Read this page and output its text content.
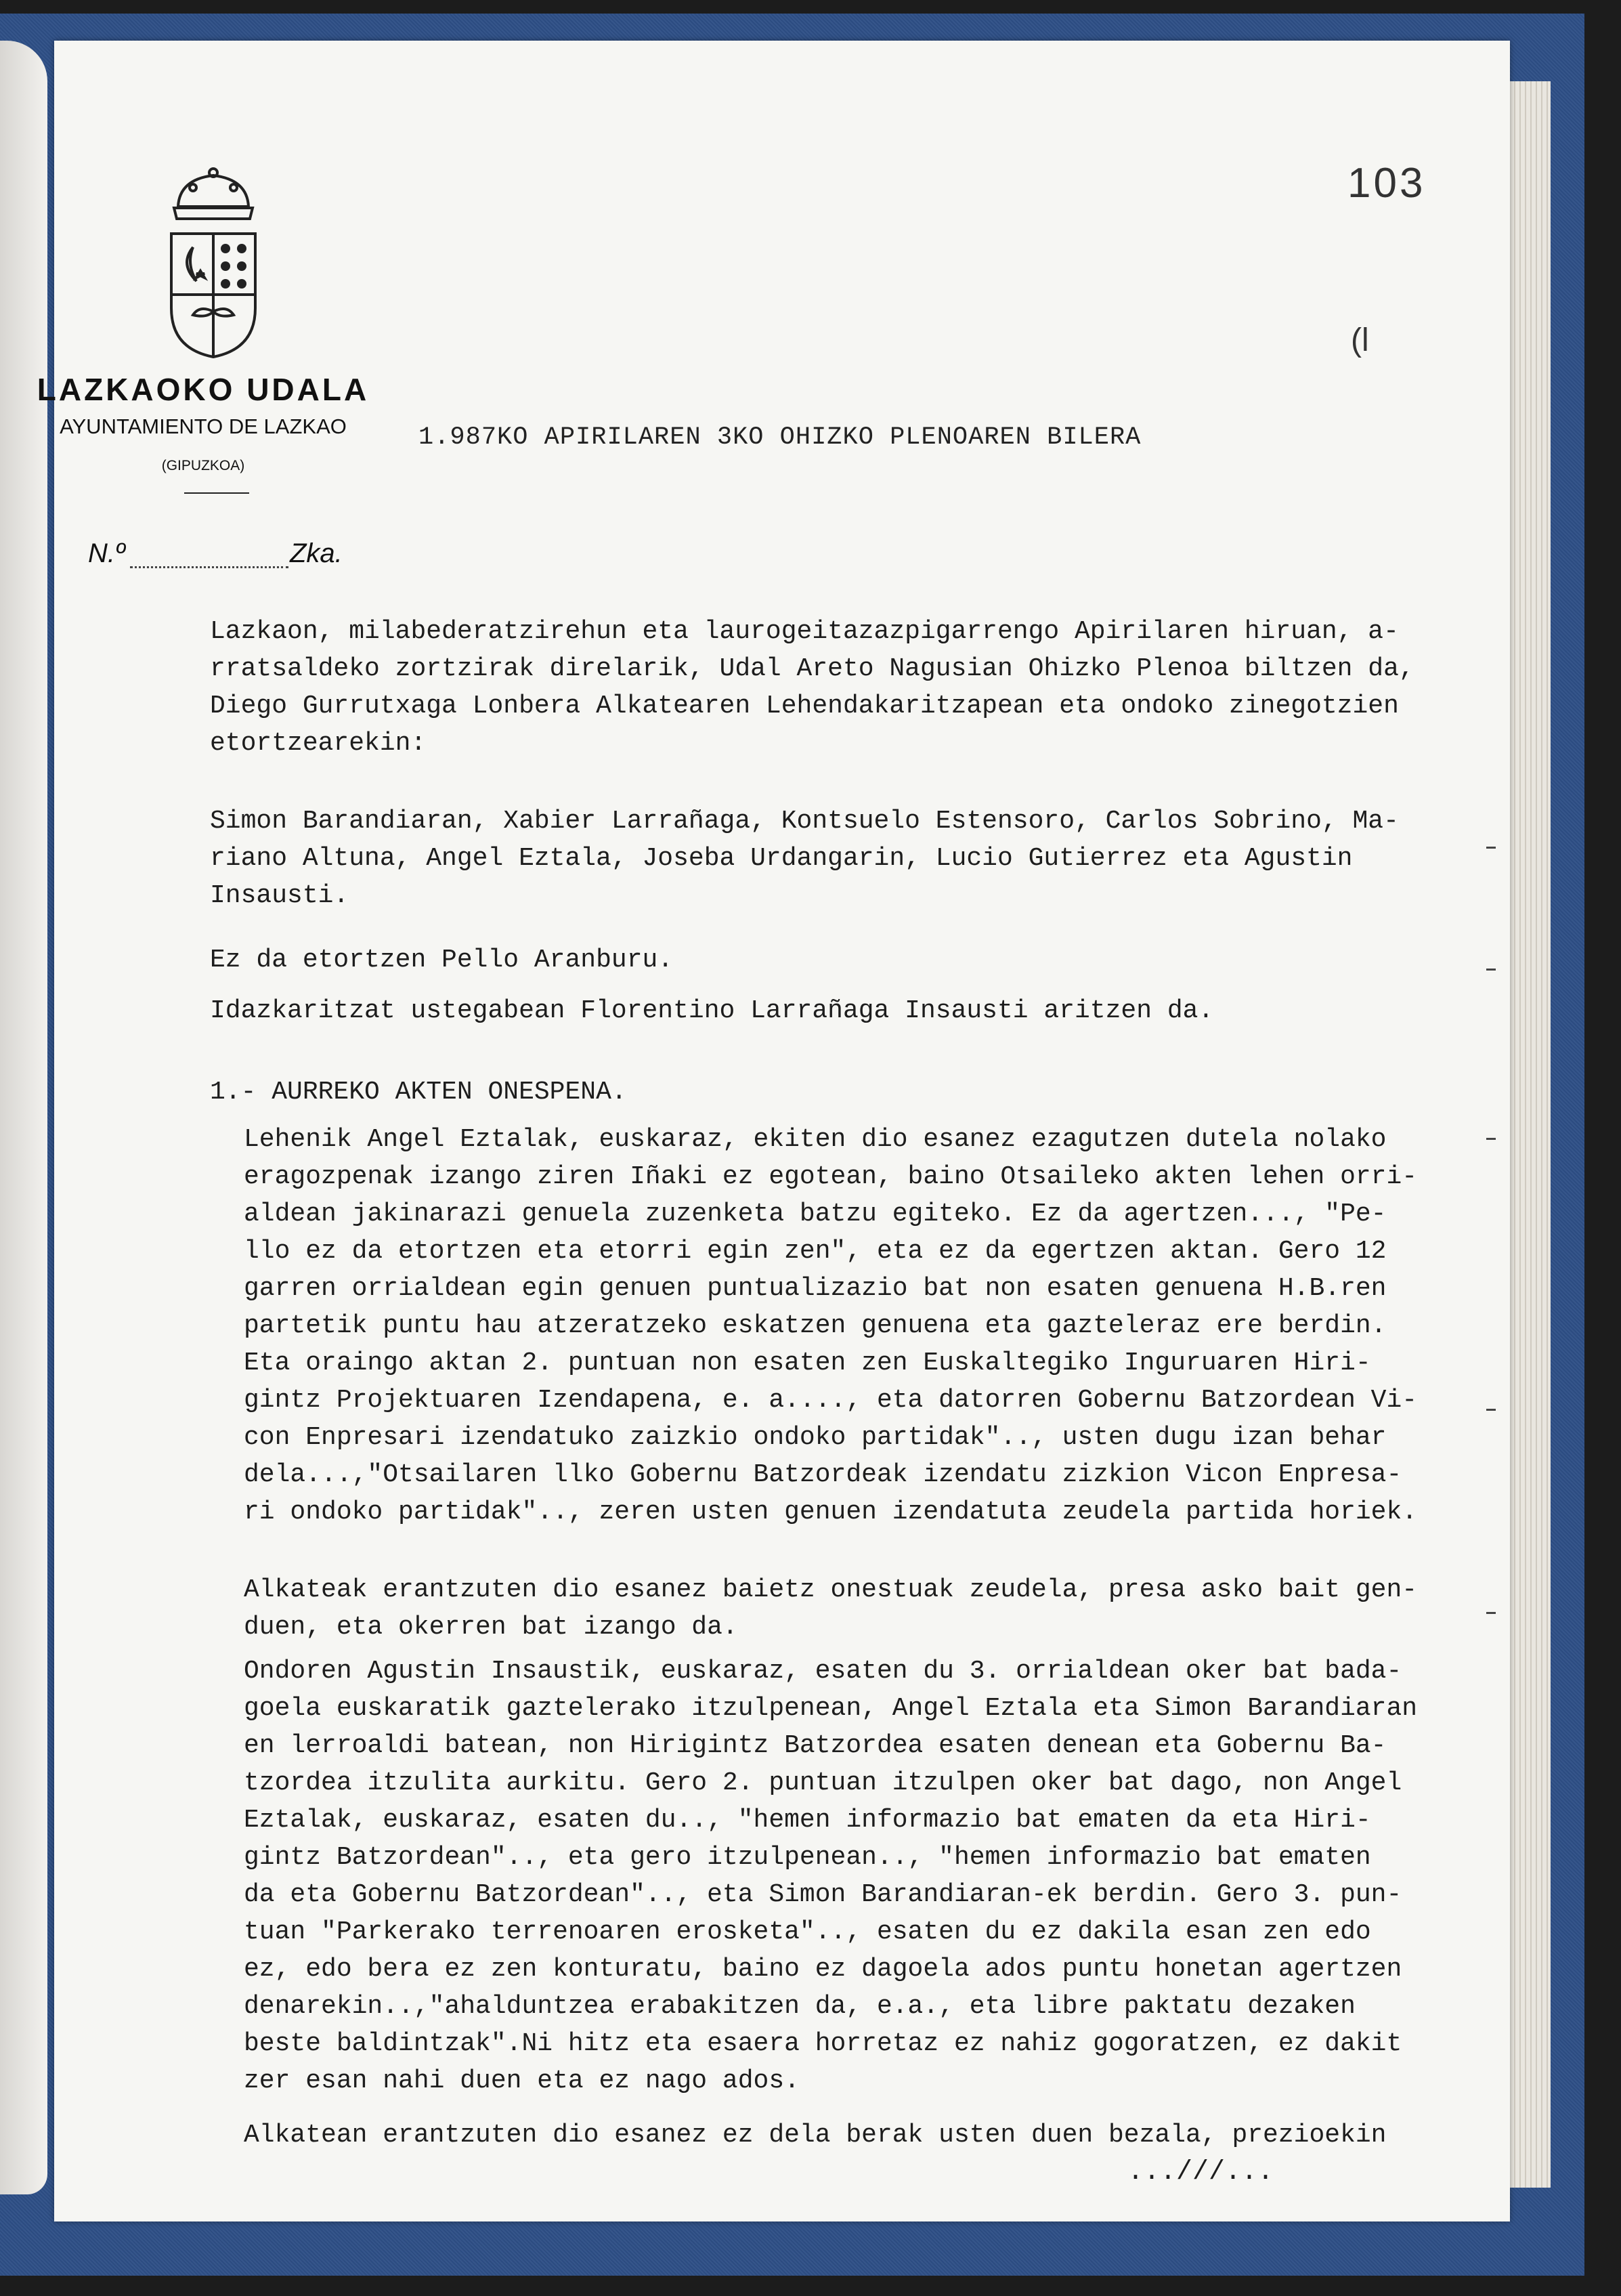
LAZKAOKO UDALA
AYUNTAMIENTO DE LAZKAO
(GIPUZKOA)
N.º	Zka.
103
(l
1.987KO APIRILAREN 3KO OHIZKO PLENOAREN BILERA
Lazkaon, milabederatzirehun eta laurogeitazazpigarrengo Apirilaren hiruan, a-
rratsaldeko zortzirak direlarik, Udal Areto Nagusian Ohizko Plenoa biltzen da,
Diego Gurrutxaga Lonbera Alkatearen Lehendakaritzapean eta ondoko zinegotzien
etortzearekin:
Simon Barandiaran, Xabier Larrañaga, Kontsuelo Estensoro, Carlos Sobrino, Ma-
riano Altuna, Angel Eztala, Joseba Urdangarin, Lucio Gutierrez eta Agustin
Insausti.
Ez da etortzen Pello Aranburu.
Idazkaritzat ustegabean Florentino Larrañaga Insausti aritzen da.
1.- AURREKO AKTEN ONESPENA.
Lehenik Angel Eztalak, euskaraz, ekiten dio esanez ezagutzen dutela nolako
eragozpenak izango ziren Iñaki ez egotean, baino Otsaileko akten lehen orri-
aldean jakinarazi genuela zuzenketa batzu egiteko. Ez da agertzen..., "Pe-
llo ez da etortzen eta etorri egin zen", eta ez da egertzen aktan. Gero 12
garren orrialdean egin genuen puntualizazio bat non esaten genuena H.B.ren
partetik puntu hau atzeratzeko eskatzen genuena eta gazteleraz ere berdin.
Eta oraingo aktan 2. puntuan non esaten zen Euskaltegiko Inguruaren Hiri-
gintz Projektuaren Izendapena, e. a...., eta datorren Gobernu Batzordean Vi-
con Enpresari izendatuko zaizkio ondoko partidak".., usten dugu izan behar
dela...,"Otsailaren llko Gobernu Batzordeak izendatu zizkion Vicon Enpresa-
ri ondoko partidak".., zeren usten genuen izendatuta zeudela partida horiek.
Alkateak erantzuten dio esanez baietz onestuak zeudela, presa asko bait gen-
duen, eta okerren bat izango da.
Ondoren Agustin Insaustik, euskaraz, esaten du 3. orrialdean oker bat bada-
goela euskaratik gaztelerako itzulpenean, Angel Eztala eta Simon Barandiaran
en lerroaldi batean, non Hirigintz Batzordea esaten denean eta Gobernu Ba-
tzordea itzulita aurkitu. Gero 2. puntuan itzulpen oker bat dago, non Angel
Eztalak, euskaraz, esaten du.., "hemen informazio bat ematen da eta Hiri-
gintz Batzordean".., eta gero itzulpenean.., "hemen informazio bat ematen
da eta Gobernu Batzordean".., eta Simon Barandiaran-ek berdin. Gero 3. pun-
tuan "Parkerako terrenoaren erosketa".., esaten du ez dakila esan zen edo
ez, edo bera ez zen konturatu, baino ez dagoela ados puntu honetan agertzen
denarekin..,"ahalduntzea erabakitzen da, e.a., eta libre paktatu dezaken
beste baldintzak".Ni hitz eta esaera horretaz ez nahiz gogoratzen, ez dakit
zer esan nahi duen eta ez nago ados.
Alkatean erantzuten dio esanez ez dela berak usten duen bezala, prezioekin
...///...
